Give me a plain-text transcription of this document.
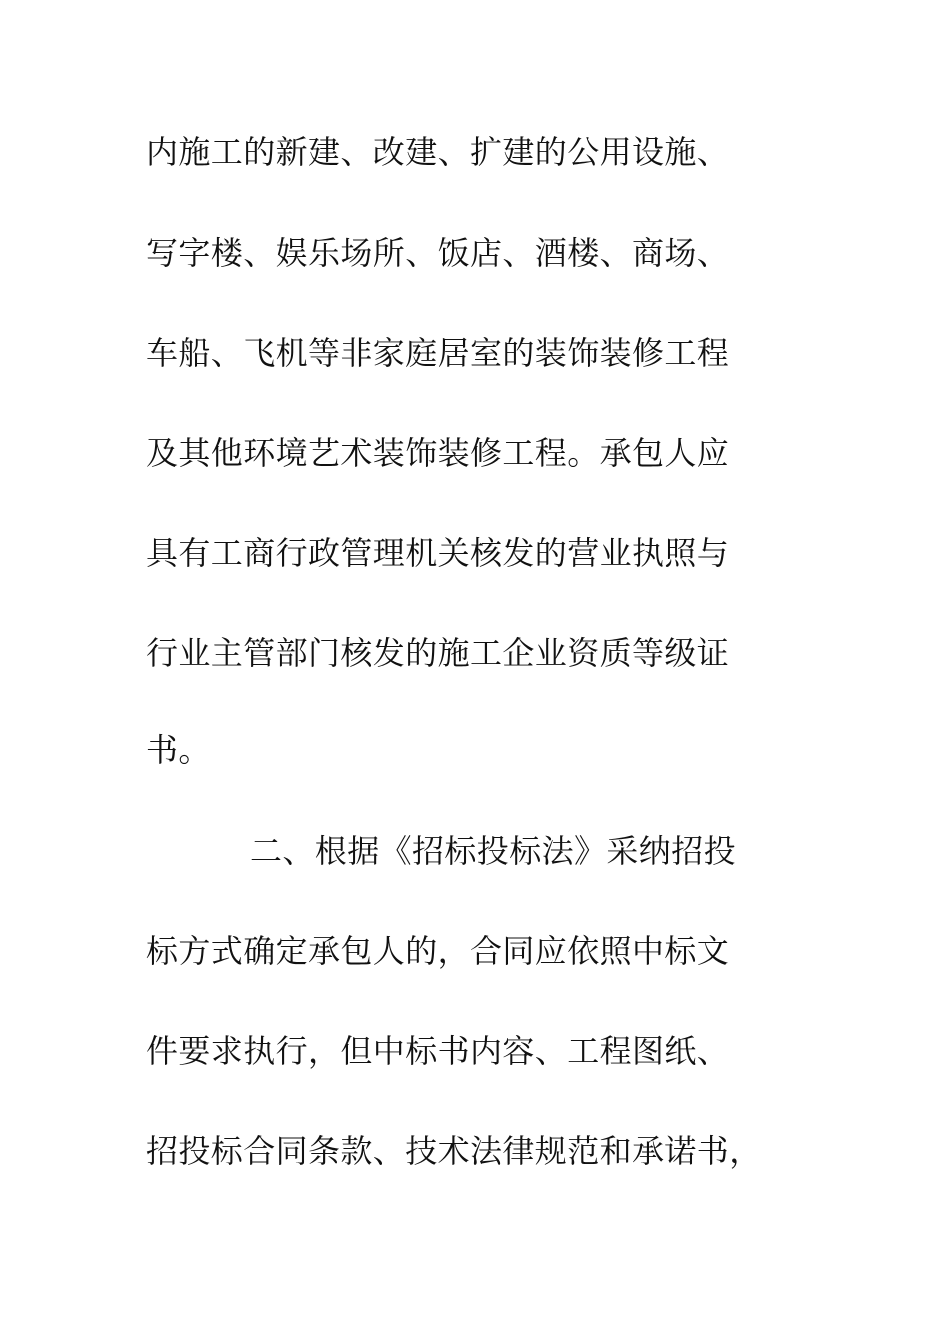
内施工的新建、改建、扩建的公用设施、
写字楼、娱乐场所、饭店、酒楼、商场、
车船、飞机等非家庭居室的装饰装修工程
及其他环境艺术装饰装修工程。承包人应
具有工商行政管理机关核发的营业执照与
行业主管部门核发的施工企业资质等级证
书。
二、根据《招标投标法》采纳招投
标方式确定承包人的，合同应依照中标文
件要求执行，但中标书内容、工程图纸、
招投标合同条款、技术法律规范和承诺书，
